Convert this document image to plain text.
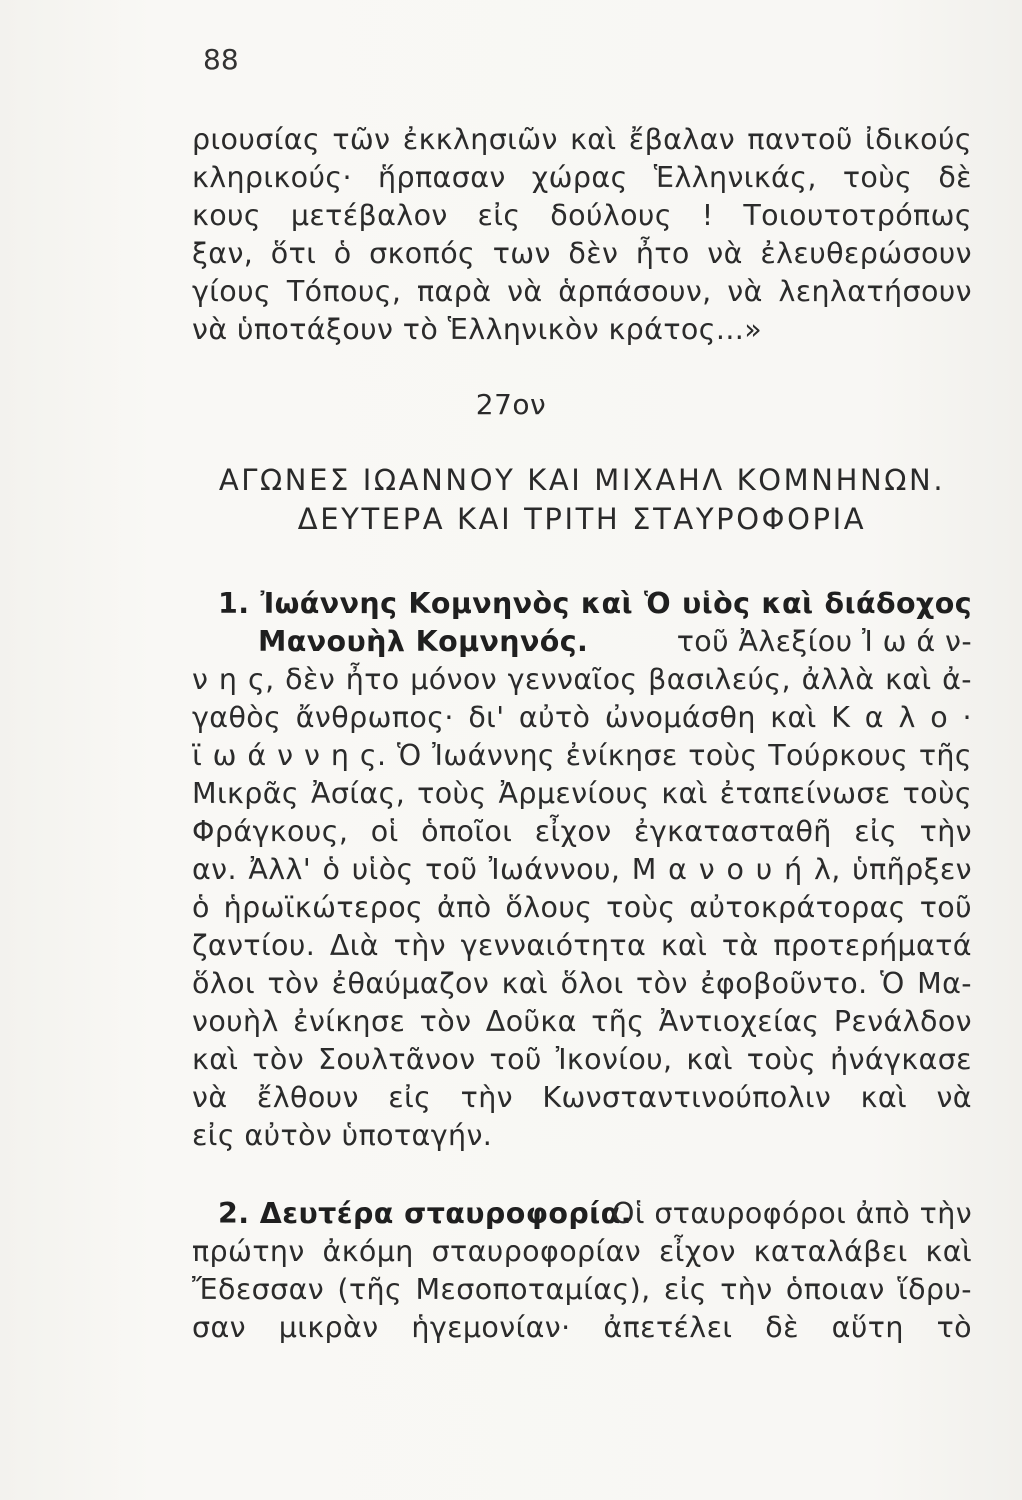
88
ριουσίας τῶν ἐκκλησιῶν καὶ ἔβαλαν παντοῦ ἰδικούς
κληρικούς· ἥρπασαν χώρας Ἑλληνικάς, τοὺς δὲ
κους μετέβαλον εἰς δούλους ! Τοιουτοτρόπως
ξαν, ὅτι ὁ σκοπός των δὲν ἦτο νὰ ἐλευθερώσουν
γίους Τόπους, παρὰ νὰ ἁρπάσουν, νὰ λεηλατήσουν
νὰ ὑποτάξουν τὸ Ἑλληνικὸν κράτος...»
27ον
ΑΓΩΝΕΣ ΙΩΑΝΝΟΥ ΚΑΙ ΜΙΧΑΗΛ ΚΟΜΝΗΝΩΝ.
ΔΕΥΤΕΡΑ ΚΑΙ ΤΡΙΤΗ ΣΤΑΥΡΟΦΟΡΙΑ
1. Ἰωάννης Κομνηνὸς καὶ Ὁ υἱὸς καὶ διάδοχος
Μανουὴλ Κομνηνός.	τοῦ Ἀλεξίου Ἰ ω ά ν-
ν η ς, δὲν ἦτο μόνον γενναῖος βασιλεύς, ἀλλὰ καὶ ἀ-
γαθὸς ἄνθρωπος· δι' αὐτὸ ὠνομάσθη καὶ Κ α λ ο ·
ϊ ω ά ν ν η ς. Ὁ Ἰωάννης ἐνίκησε τοὺς Τούρκους τῆς
Μικρᾶς Ἀσίας, τοὺς Ἀρμενίους καὶ ἐταπείνωσε τοὺς
Φράγκους, οἱ ὁποῖοι εἶχον ἐγκατασταθῆ εἰς τὴν
αν. Ἀλλ' ὁ υἱὸς τοῦ Ἰωάννου, Μ α ν ο υ ή λ, ὑπῆρξεν
ὁ ἡρωϊκώτερος ἀπὸ ὅλους τοὺς αὐτοκράτορας τοῦ
ζαντίου. Διὰ τὴν γενναιότητα καὶ τὰ προτερήματά
ὅλοι τὸν ἐθαύμαζον καὶ ὅλοι τὸν ἐφοβοῦντο. Ὁ Μα-
νουὴλ ἐνίκησε τὸν Δοῦκα τῆς Ἀντιοχείας Ρενάλδον
καὶ τὸν Σουλτᾶνον τοῦ Ἰκονίου, καὶ τοὺς ἠνάγκασε
νὰ ἔλθουν εἰς τὴν Κωνσταντινούπολιν καὶ νὰ
εἰς αὐτὸν ὑποταγήν.
2. Δευτέρα σταυροφορία.
Οἱ σταυροφόροι ἀπὸ τὴν
πρώτην ἀκόμη σταυροφορίαν εἶχον καταλάβει καὶ
Ἔδεσσαν (τῆς Μεσοποταμίας), εἰς τὴν ὁποιαν ἵδρυ-
σαν μικρὰν ἡγεμονίαν· ἀπετέλει δὲ αὕτη τὸ
